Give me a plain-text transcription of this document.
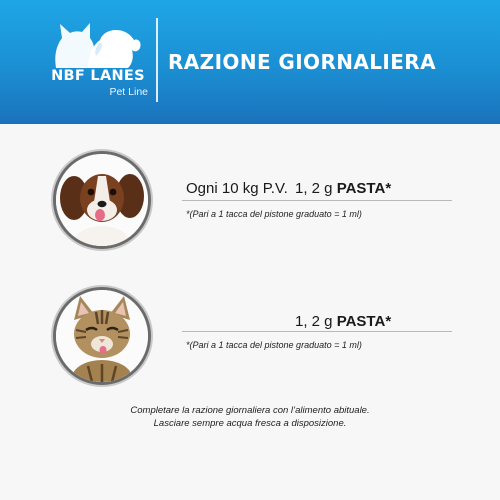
NBF LANES
Pet Line
RAZIONE GIORNALIERA
Ogni 10 kg P.V. 1, 2 g PASTA*
*(Pari a 1 tacca del pistone graduato = 1 ml)
1, 2 g PASTA*
*(Pari a 1 tacca del pistone graduato = 1 ml)
Completare la razione giornaliera con l’alimento abituale.
Lasciare sempre acqua fresca a disposizione.
